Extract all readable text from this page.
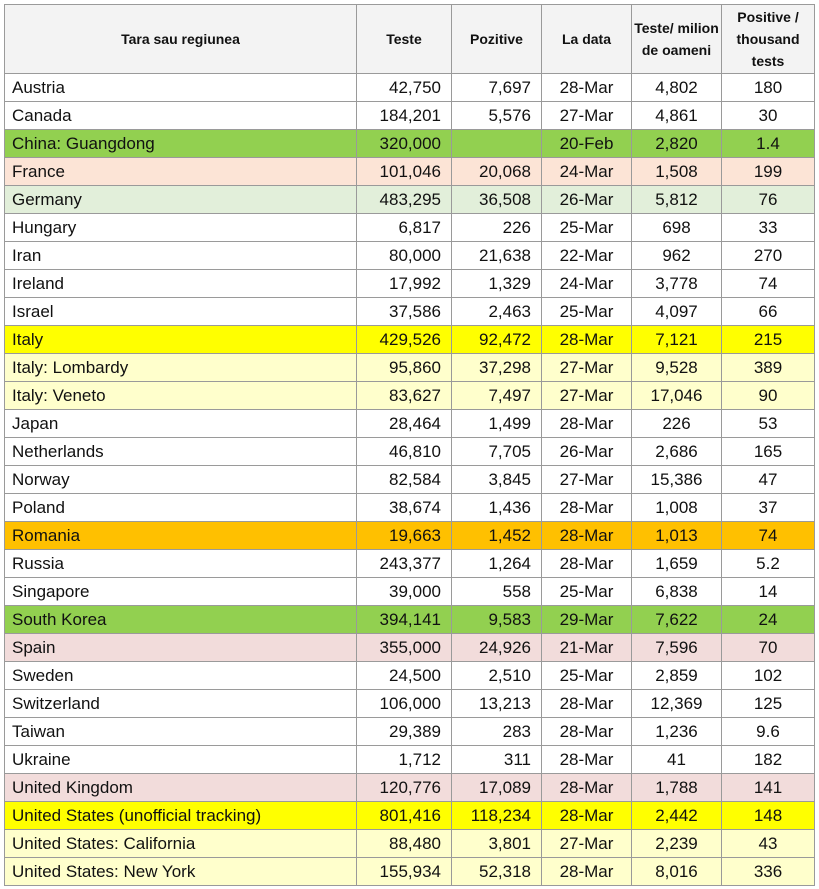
Tara sau regiunea	Teste	Pozitive	La data	Teste/ milion de oameni	Positive / thousand tests
Austria	42,750	7,697	28-Mar	4,802	180
Canada	184,201	5,576	27-Mar	4,861	30
China: Guangdong	320,000		20-Feb	2,820	1.4
France	101,046	20,068	24-Mar	1,508	199
Germany	483,295	36,508	26-Mar	5,812	76
Hungary	6,817	226	25-Mar	698	33
Iran	80,000	21,638	22-Mar	962	270
Ireland	17,992	1,329	24-Mar	3,778	74
Israel	37,586	2,463	25-Mar	4,097	66
Italy	429,526	92,472	28-Mar	7,121	215
Italy: Lombardy	95,860	37,298	27-Mar	9,528	389
Italy: Veneto	83,627	7,497	27-Mar	17,046	90
Japan	28,464	1,499	28-Mar	226	53
Netherlands	46,810	7,705	26-Mar	2,686	165
Norway	82,584	3,845	27-Mar	15,386	47
Poland	38,674	1,436	28-Mar	1,008	37
Romania	19,663	1,452	28-Mar	1,013	74
Russia	243,377	1,264	28-Mar	1,659	5.2
Singapore	39,000	558	25-Mar	6,838	14
South Korea	394,141	9,583	29-Mar	7,622	24
Spain	355,000	24,926	21-Mar	7,596	70
Sweden	24,500	2,510	25-Mar	2,859	102
Switzerland	106,000	13,213	28-Mar	12,369	125
Taiwan	29,389	283	28-Mar	1,236	9.6
Ukraine	1,712	311	28-Mar	41	182
United Kingdom	120,776	17,089	28-Mar	1,788	141
United States (unofficial tracking)	801,416	118,234	28-Mar	2,442	148
United States: California	88,480	3,801	27-Mar	2,239	43
United States: New York	155,934	52,318	28-Mar	8,016	336
